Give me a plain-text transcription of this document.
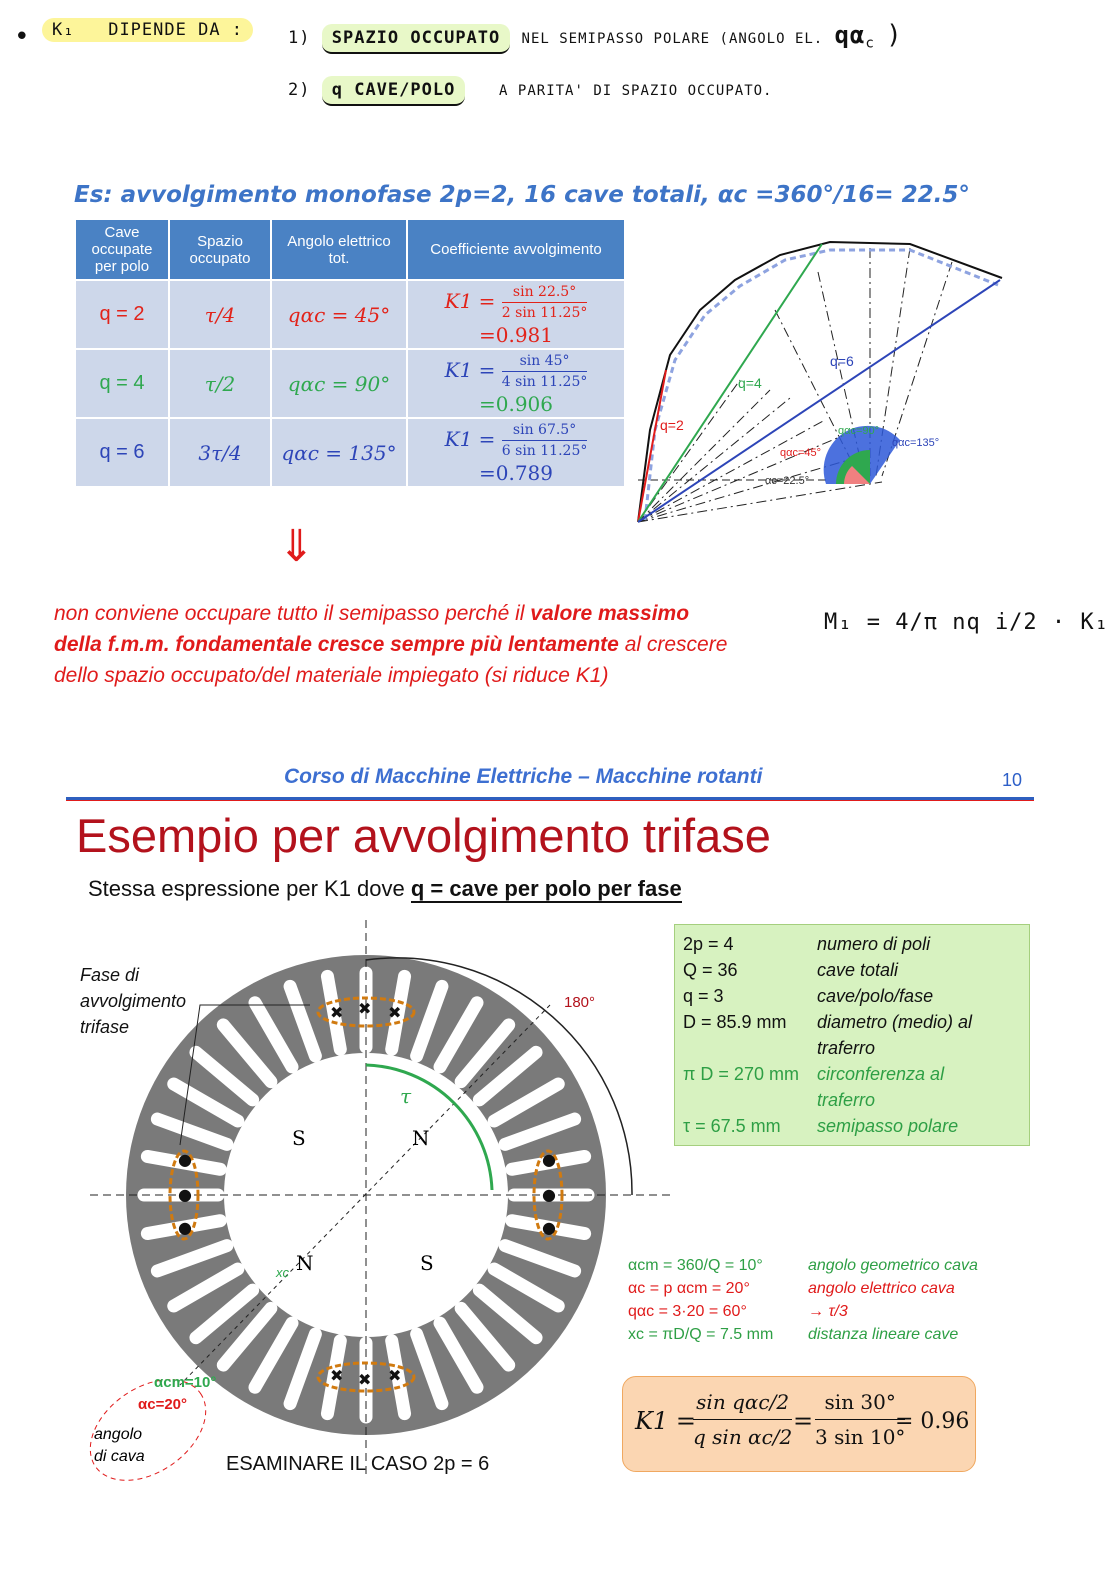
•	K₁ DIPENDE DA :	1) SPAZIO OCCUPATO NEL SEMIPASSO POLARE (ANGOLO EL. $q\alpha_c$ )
2) q CAVE/POLO	A PARITA' DI SPAZIO OCCUPATO.
Es: avvolgimento monofase 2p=2, 16 cave totali, αc =360°/16= 22.5°
Cave occupate per polo	Spazio occupato	Angolo elettrico tot.	Coefficiente avvolgimento
q = 2	τ/4	qαc = 45°	$K1 = \frac{\sin 22.5^\circ}{2 \sin 11.25^\circ}=0.981$
q = 4	τ/2	qαc = 90°	$K1 = \frac{\sin 45^\circ}{4 \sin 11.25^\circ}=0.906$
q = 6	3τ/4	qαc = 135°	$K1 = \frac{\sin 67.5^\circ}{6 \sin 11.25^\circ}=0.789$
q=2
q=4
q=6
qαc=45°
qαc=90°
qαc=135°
αc=22.5°
⇓
non conviene occupare tutto il semipasso perché il valore massimo
della f.m.m. fondamentale cresce sempre più lentamente al crescere
dello spazio occupato/del materiale impiegato (si riduce K1)
M₁ = 4/π nq i/2 · K₁
Corso di Macchine Elettriche – Macchine rotanti	10
Esempio per avvolgimento trifase
Stessa espressione per K1 dove q = cave per polo per fase
Fase di avvolgimento trifase
✖ ✖ ✖
✖ ✖ ✖
●
●
●
●
●
●
180°
τ
S	N
N	S
xc
αcm=10°
αc=20°
angolo
di cava	ESAMINARE IL CASO 2p = 6
2p = 4	numero di poli
Q = 36	cave totali
q = 3	cave/polo/fase
D = 85.9 mm	diametro (medio) al traferro
π D = 270 mm	circonferenza al traferro
τ = 67.5 mm	semipasso polare
αcm = 360/Q = 10°	angolo geometrico cava
αc = p αcm = 20°	angolo elettrico cava
qαc = 3·20 = 60°	→ τ/3
xc = πD/Q = 7.5 mm	distanza lineare cave
K1 =
sin qαc/2
q sin αc/2
= $\frac{\sin 30^\circ}{3 \sin 10^\circ}$
= 0.96
